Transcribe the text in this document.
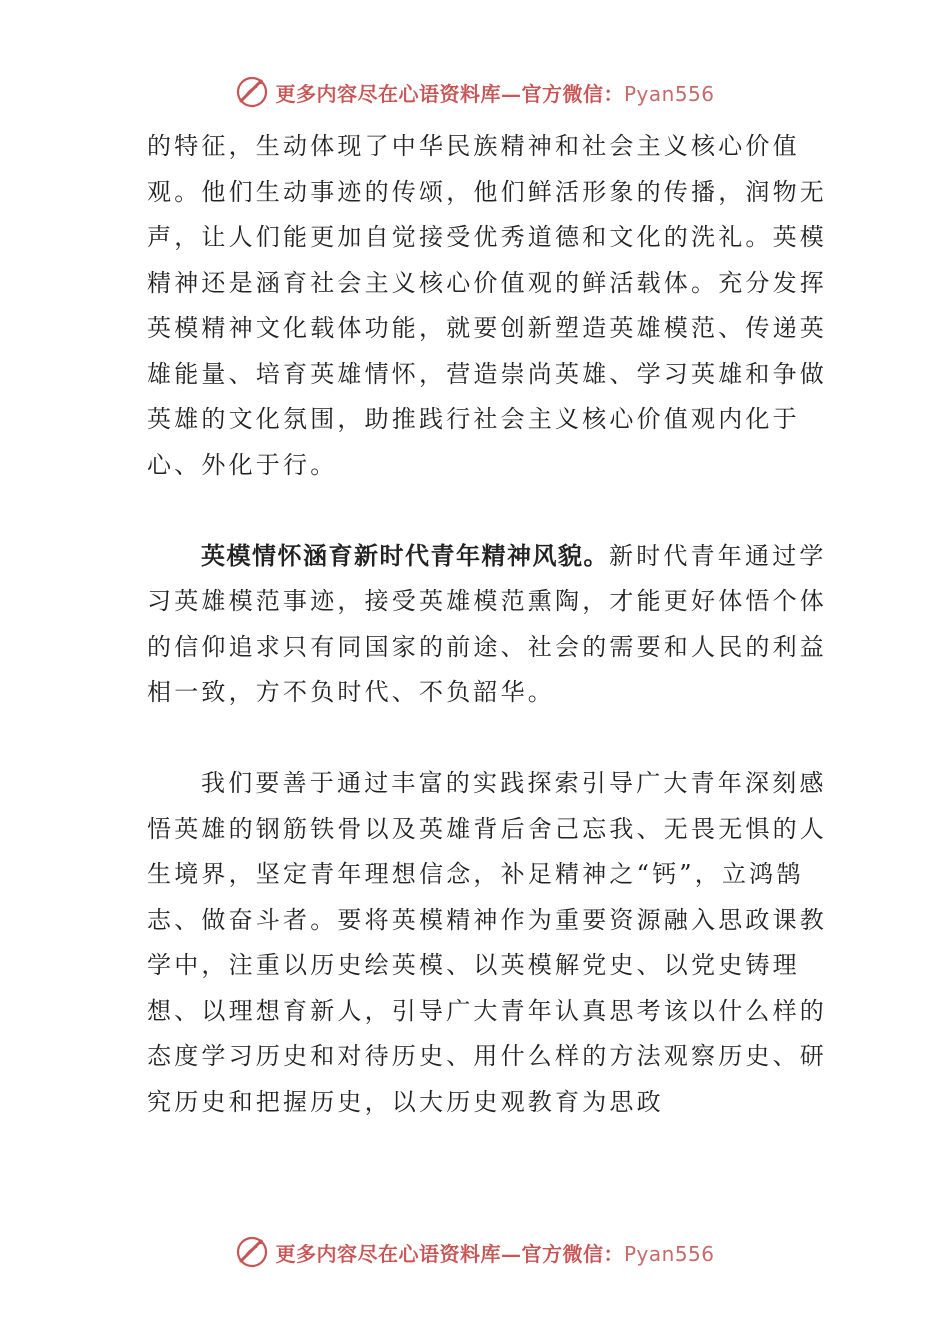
更多内容尽在心语资料库—官方微信：Pyan556

的特征，生动体现了中华民族精神和社会主义核心价值观。他们生动事迹的传颂，他们鲜活形象的传播，润物无声，让人们能更加自觉接受优秀道德和文化的洗礼。英模精神还是涵育社会主义核心价值观的鲜活载体。充分发挥英模精神文化载体功能，就要创新塑造英雄模范、传递英雄能量、培育英雄情怀，营造崇尚英雄、学习英雄和争做英雄的文化氛围，助推践行社会主义核心价值观内化于心、外化于行。

英模情怀涵育新时代青年精神风貌。新时代青年通过学习英雄模范事迹，接受英雄模范熏陶，才能更好体悟个体的信仰追求只有同国家的前途、社会的需要和人民的利益相一致，方不负时代、不负韶华。

我们要善于通过丰富的实践探索引导广大青年深刻感悟英雄的钢筋铁骨以及英雄背后舍己忘我、无畏无惧的人生境界，坚定青年理想信念，补足精神之“钙”，立鸿鹄志、做奋斗者。要将英模精神作为重要资源融入思政课教学中，注重以历史绘英模、以英模解党史、以党史铸理想、以理想育新人，引导广大青年认真思考该以什么样的态度学习历史和对待历史、用什么样的方法观察历史、研究历史和把握历史，以大历史观教育为思政

更多内容尽在心语资料库—官方微信：Pyan556
